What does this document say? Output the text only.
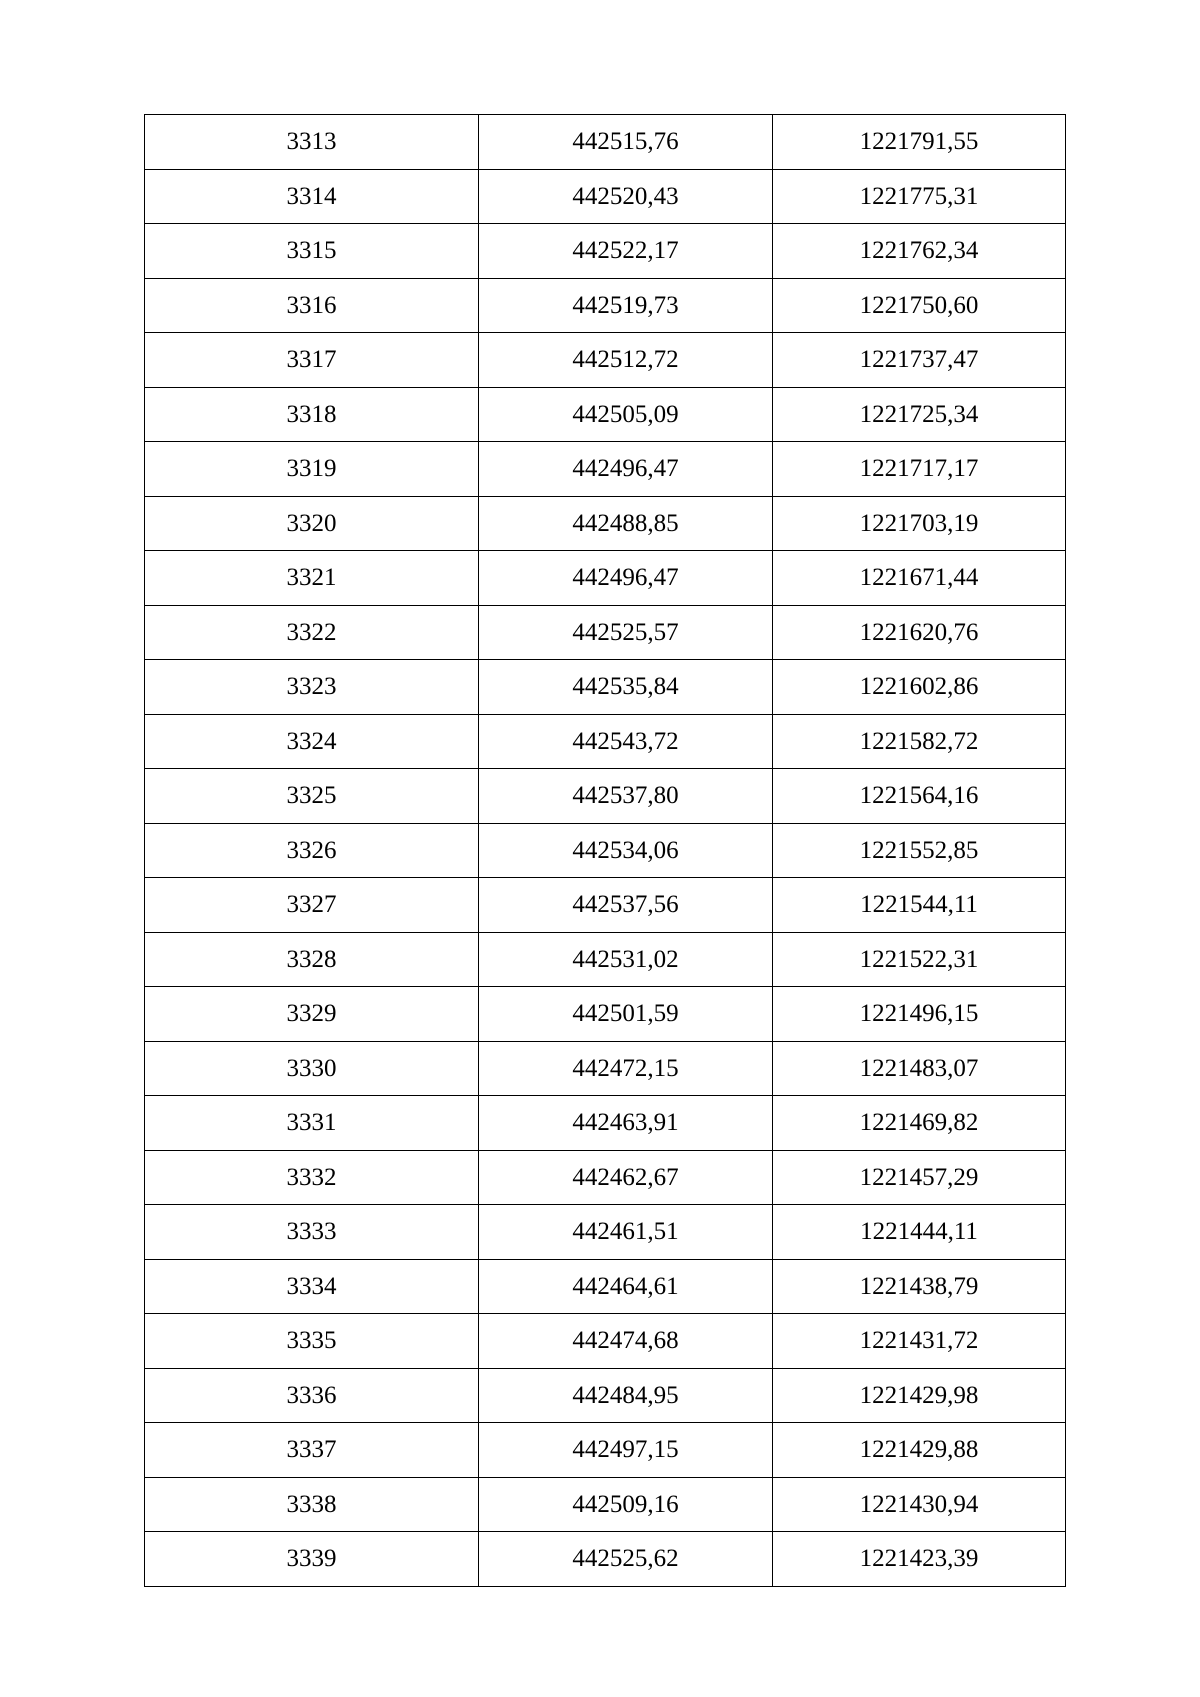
3313	442515,76	1221791,55
3314	442520,43	1221775,31
3315	442522,17	1221762,34
3316	442519,73	1221750,60
3317	442512,72	1221737,47
3318	442505,09	1221725,34
3319	442496,47	1221717,17
3320	442488,85	1221703,19
3321	442496,47	1221671,44
3322	442525,57	1221620,76
3323	442535,84	1221602,86
3324	442543,72	1221582,72
3325	442537,80	1221564,16
3326	442534,06	1221552,85
3327	442537,56	1221544,11
3328	442531,02	1221522,31
3329	442501,59	1221496,15
3330	442472,15	1221483,07
3331	442463,91	1221469,82
3332	442462,67	1221457,29
3333	442461,51	1221444,11
3334	442464,61	1221438,79
3335	442474,68	1221431,72
3336	442484,95	1221429,98
3337	442497,15	1221429,88
3338	442509,16	1221430,94
3339	442525,62	1221423,39
